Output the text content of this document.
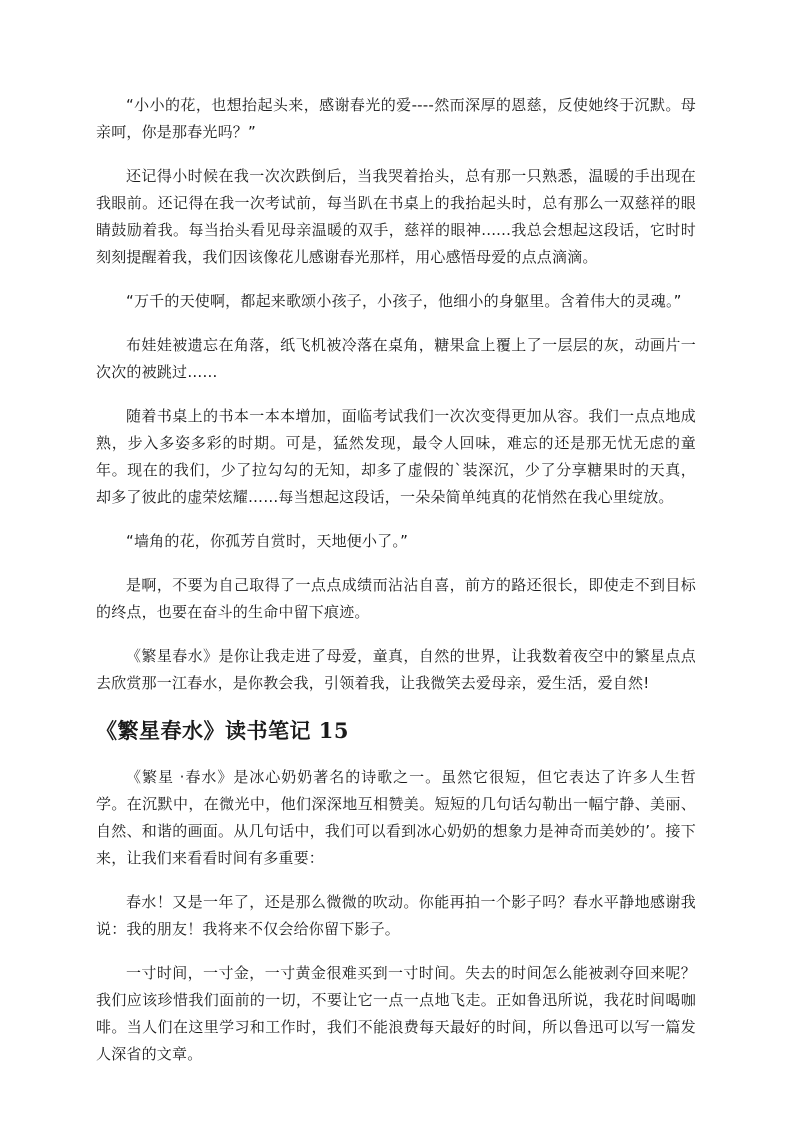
“小小的花，也想抬起头来，感谢春光的爱----然而深厚的恩慈，反使她终于沉默。母亲呵，你是那春光吗？”

还记得小时候在我一次次跌倒后，当我哭着抬头，总有那一只熟悉，温暖的手出现在我眼前。还记得在我一次考试前，每当趴在书桌上的我抬起头时，总有那么一双慈祥的眼睛鼓励着我。每当抬头看见母亲温暖的双手，慈祥的眼神......我总会想起这段话，它时时刻刻提醒着我，我们因该像花儿感谢春光那样，用心感悟母爱的点点滴滴。

“万千的天使啊，都起来歌颂小孩子，小孩子，他细小的身躯里。含着伟大的灵魂。”

布娃娃被遗忘在角落，纸飞机被冷落在桌角，糖果盒上覆上了一层层的灰，动画片一次次的被跳过……

随着书桌上的书本一本本增加，面临考试我们一次次变得更加从容。我们一点点地成熟，步入多姿多彩的时期。可是，猛然发现，最令人回味，难忘的还是那无忧无虑的童年。现在的我们，少了拉勾勾的无知，却多了虚假的`装深沉，少了分享糖果时的天真，却多了彼此的虚荣炫耀……每当想起这段话，一朵朵简单纯真的花悄然在我心里绽放。

“墙角的花，你孤芳自赏时，天地便小了。”

是啊，不要为自己取得了一点点成绩而沾沾自喜，前方的路还很长，即使走不到目标的终点，也要在奋斗的生命中留下痕迹。

《繁星春水》是你让我走进了母爱，童真，自然的世界，让我数着夜空中的繁星点点去欣赏那一江春水，是你教会我，引领着我，让我微笑去爱母亲，爱生活，爱自然!

《繁星春水》读书笔记 15

《繁星 ·春水》是冰心奶奶著名的诗歌之一。虽然它很短，但它表达了许多人生哲学。在沉默中，在微光中，他们深深地互相赞美。短短的几句话勾勒出一幅宁静、美丽、自然、和谐的画面。从几句话中，我们可以看到冰心奶奶的想象力是神奇而美妙的’。接下来，让我们来看看时间有多重要：

春水！又是一年了，还是那么微微的吹动。你能再拍一个影子吗？春水平静地感谢我说：我的朋友！我将来不仅会给你留下影子。

一寸时间，一寸金，一寸黄金很难买到一寸时间。失去的时间怎么能被剥夺回来呢？我们应该珍惜我们面前的一切，不要让它一点一点地飞走。正如鲁迅所说，我花时间喝咖啡。当人们在这里学习和工作时，我们不能浪费每天最好的时间，所以鲁迅可以写一篇发人深省的文章。
